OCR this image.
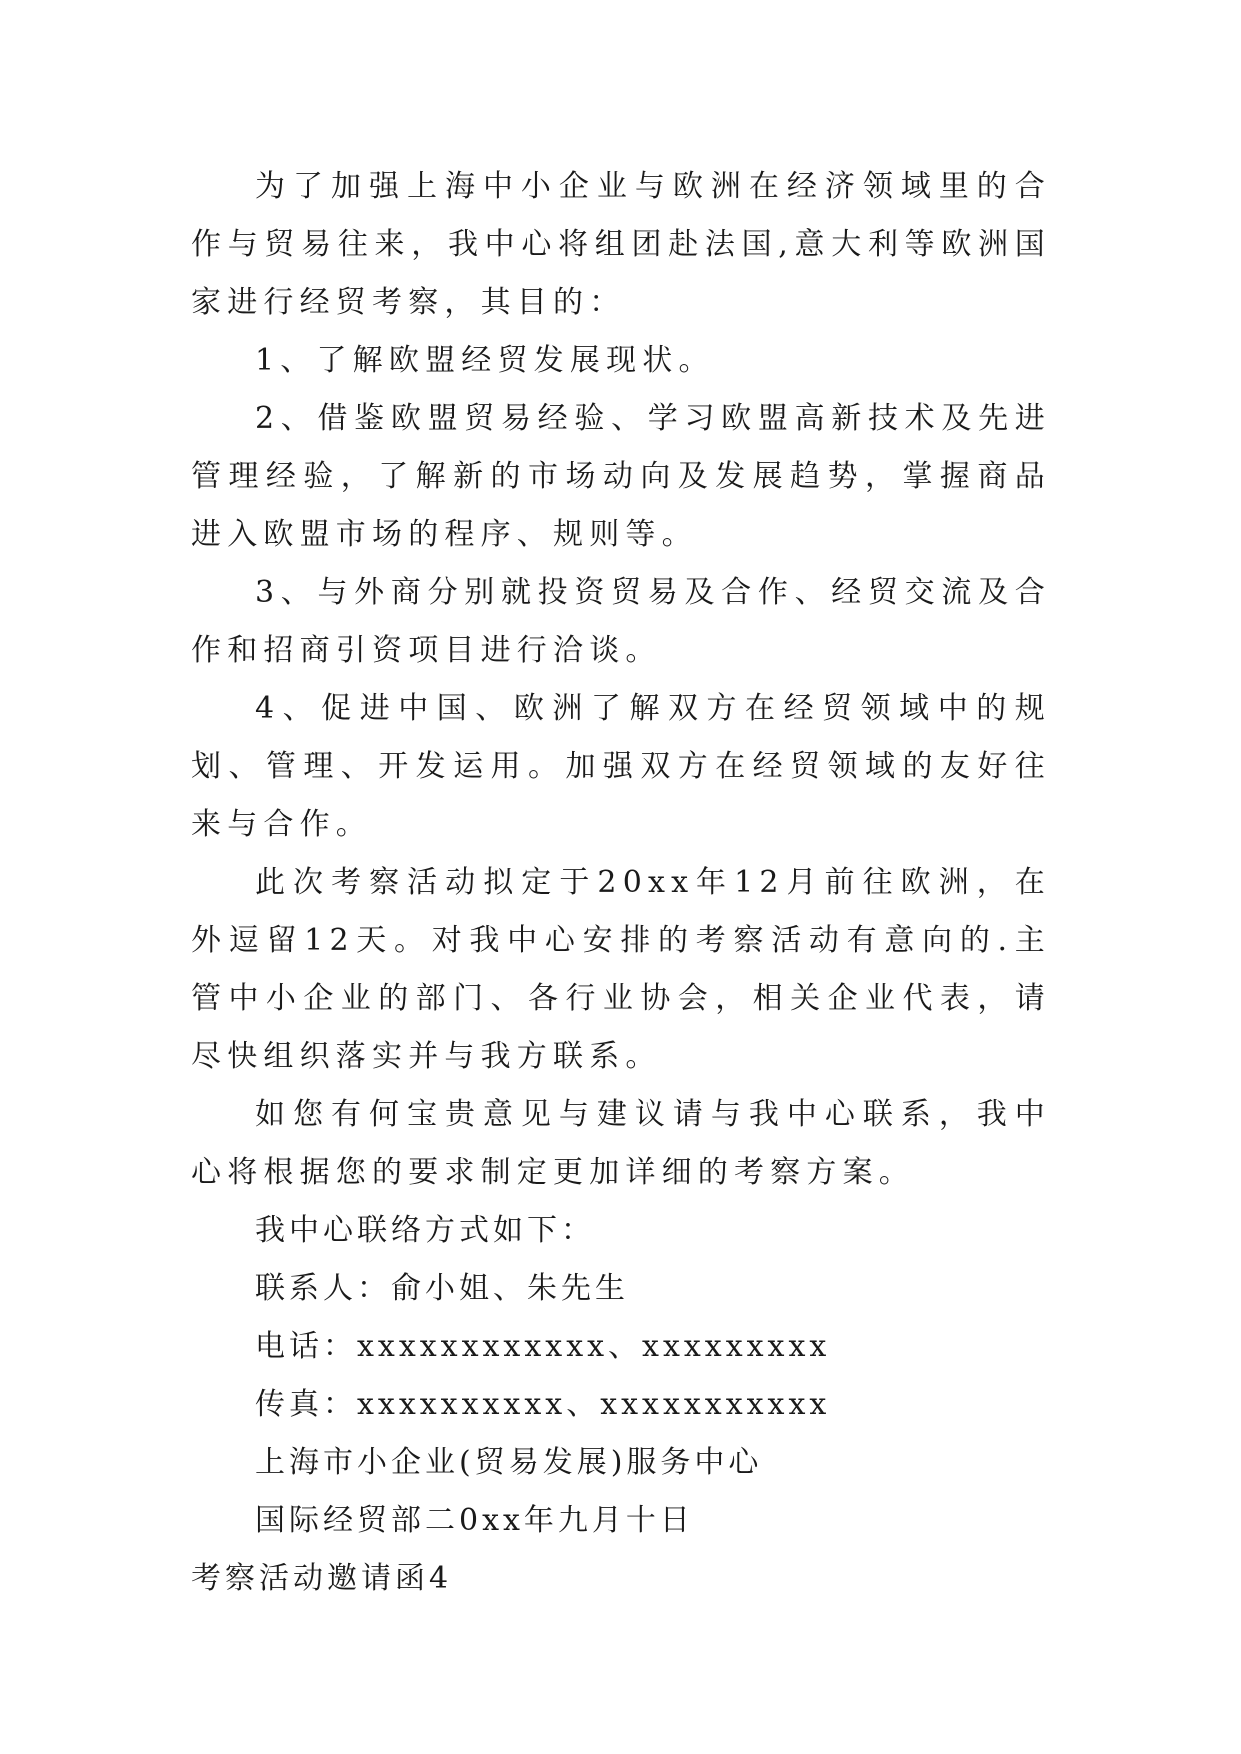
为了加强上海中小企业与欧洲在经济领域里的合作与贸易往来，我中心将组团赴法国,意大利等欧洲国家进行经贸考察，其目的：

1、了解欧盟经贸发展现状。

2、借鉴欧盟贸易经验、学习欧盟高新技术及先进管理经验，了解新的市场动向及发展趋势，掌握商品进入欧盟市场的程序、规则等。

3、与外商分别就投资贸易及合作、经贸交流及合作和招商引资项目进行洽谈。

4、促进中国、欧洲了解双方在经贸领域中的规划、管理、开发运用。加强双方在经贸领域的友好往来与合作。

此次考察活动拟定于20xx年12月前往欧洲，在外逗留12天。对我中心安排的考察活动有意向的.主管中小企业的部门、各行业协会，相关企业代表，请尽快组织落实并与我方联系。

如您有何宝贵意见与建议请与我中心联系，我中心将根据您的要求制定更加详细的考察方案。

我中心联络方式如下：

联系人：俞小姐、朱先生

电话：xxxxxxxxxxxx、xxxxxxxxx

传真：xxxxxxxxxx、xxxxxxxxxxx

上海市小企业(贸易发展)服务中心

国际经贸部二0xx年九月十日

考察活动邀请函4
